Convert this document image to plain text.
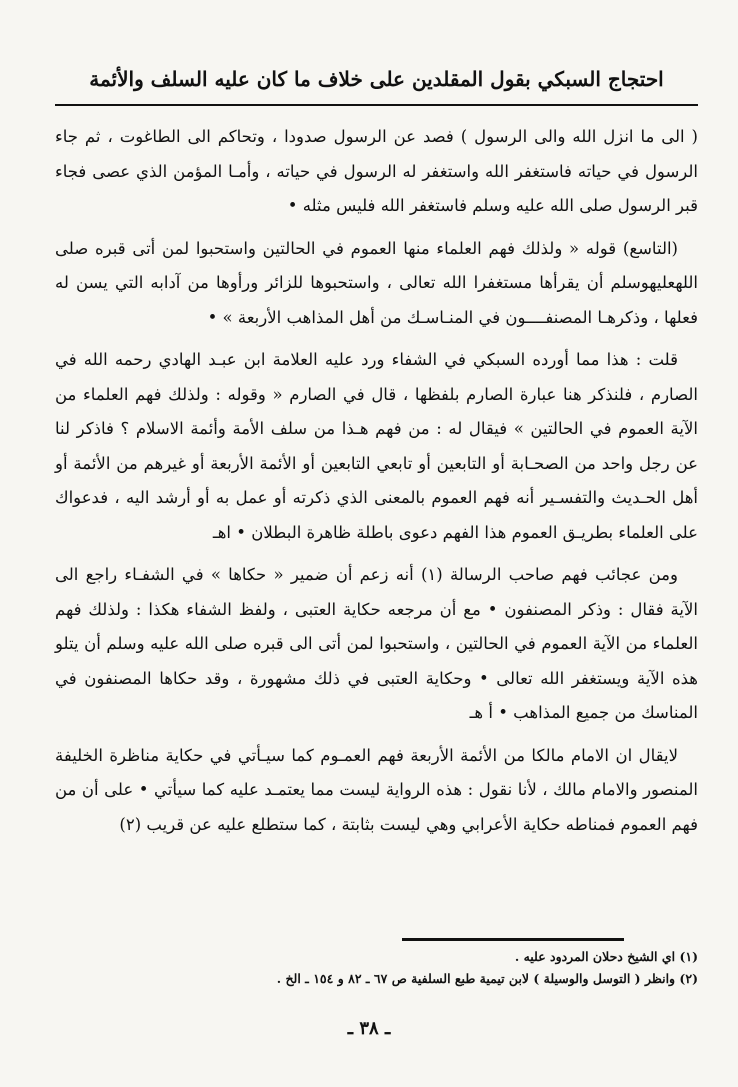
احتجاج السبكي بقول المقلدين على خلاف ما كان عليه السلف والأئمة

( الى ما انزل الله والى الرسول ) فصد عن الرسول صدودا ، وتحاكم الى الطاغوت ، ثم جاء الرسول في حياته فاستغفر الله واستغفر له الرسول في حياته ، وأمـا المؤمن الذي عصى فجاء قبر الرسول صلى الله عليه وسلم فاستغفر الله فليس مثله •

(التاسع) قوله « ولذلك فهم العلماء منها العموم في الحالتين واستحبوا لمن أتى قبره صلى اللهعليهوسلم أن يقرأها مستغفرا الله تعالى ، واستحبوها للزائر ورأوها من آدابه التي يسن له فعلها ، وذكرهـا المصنفــــون في المنـاسـك من أهل المذاهب الأربعة » •

قلت : هذا مما أورده السبكي في الشفاء ورد عليه العلامة ابن عبـد الهادي رحمه الله في الصارم ، فلنذكر هنا عبارة الصارم بلفظها ، قال في الصارم « وقوله : ولذلك فهم العلماء من الآية العموم في الحالتين » فيقال له : من فهم هـذا من سلف الأمة وأئمة الاسلام ؟ فاذكر لنا عن رجل واحد من الصحـابة أو التابعين أو تابعي التابعين أو الأئمة الأربعة أو غيرهم من الأئمة أو أهل الحـديث والتفسـير أنه فهم العموم بالمعنى الذي ذكرته أو عمل به أو أرشد اليه ، فدعواك على العلماء بطريـق العموم هذا الفهم دعوى باطلة ظاهرة البطلان • اهـ

ومن عجائب فهم صاحب الرسالة (١) أنه زعم أن ضمير « حكاها » في الشفـاء راجع الى الآية فقال : وذكر المصنفون • مع أن مرجعه حكاية العتبى ، ولفظ الشفاء هكذا : ولذلك فهم العلماء من الآية العموم في الحالتين ، واستحبوا لمن أتى الى قبره صلى الله عليه وسلم أن يتلو هذه الآية ويستغفر الله تعالى • وحكاية العتبى في ذلك مشهورة ، وقد حكاها المصنفون في المناسك من جميع المذاهب • أ هـ

لايقال ان الامام مالكا من الأئمة الأربعة فهم العمـوم كما سيـأتي في حكاية مناظرة الخليفة المنصور والامام مالك ، لأنا نقول : هذه الرواية ليست مما يعتمـد عليه كما سيأتي • على أن من فهم العموم فمناطه حكاية الأعرابي وهي ليست بثابتة ، كما ستطلع عليه عن قريب (٢)

(١) اي الشيخ دحلان المردود عليه .
(٢) وانظر ( التوسل والوسيلة ) لابن تيمية طبع السلفية ص ٦٧ ـ ٨٢ و ١٥٤ ـ الخ .
ـ ٣٨ ـ
